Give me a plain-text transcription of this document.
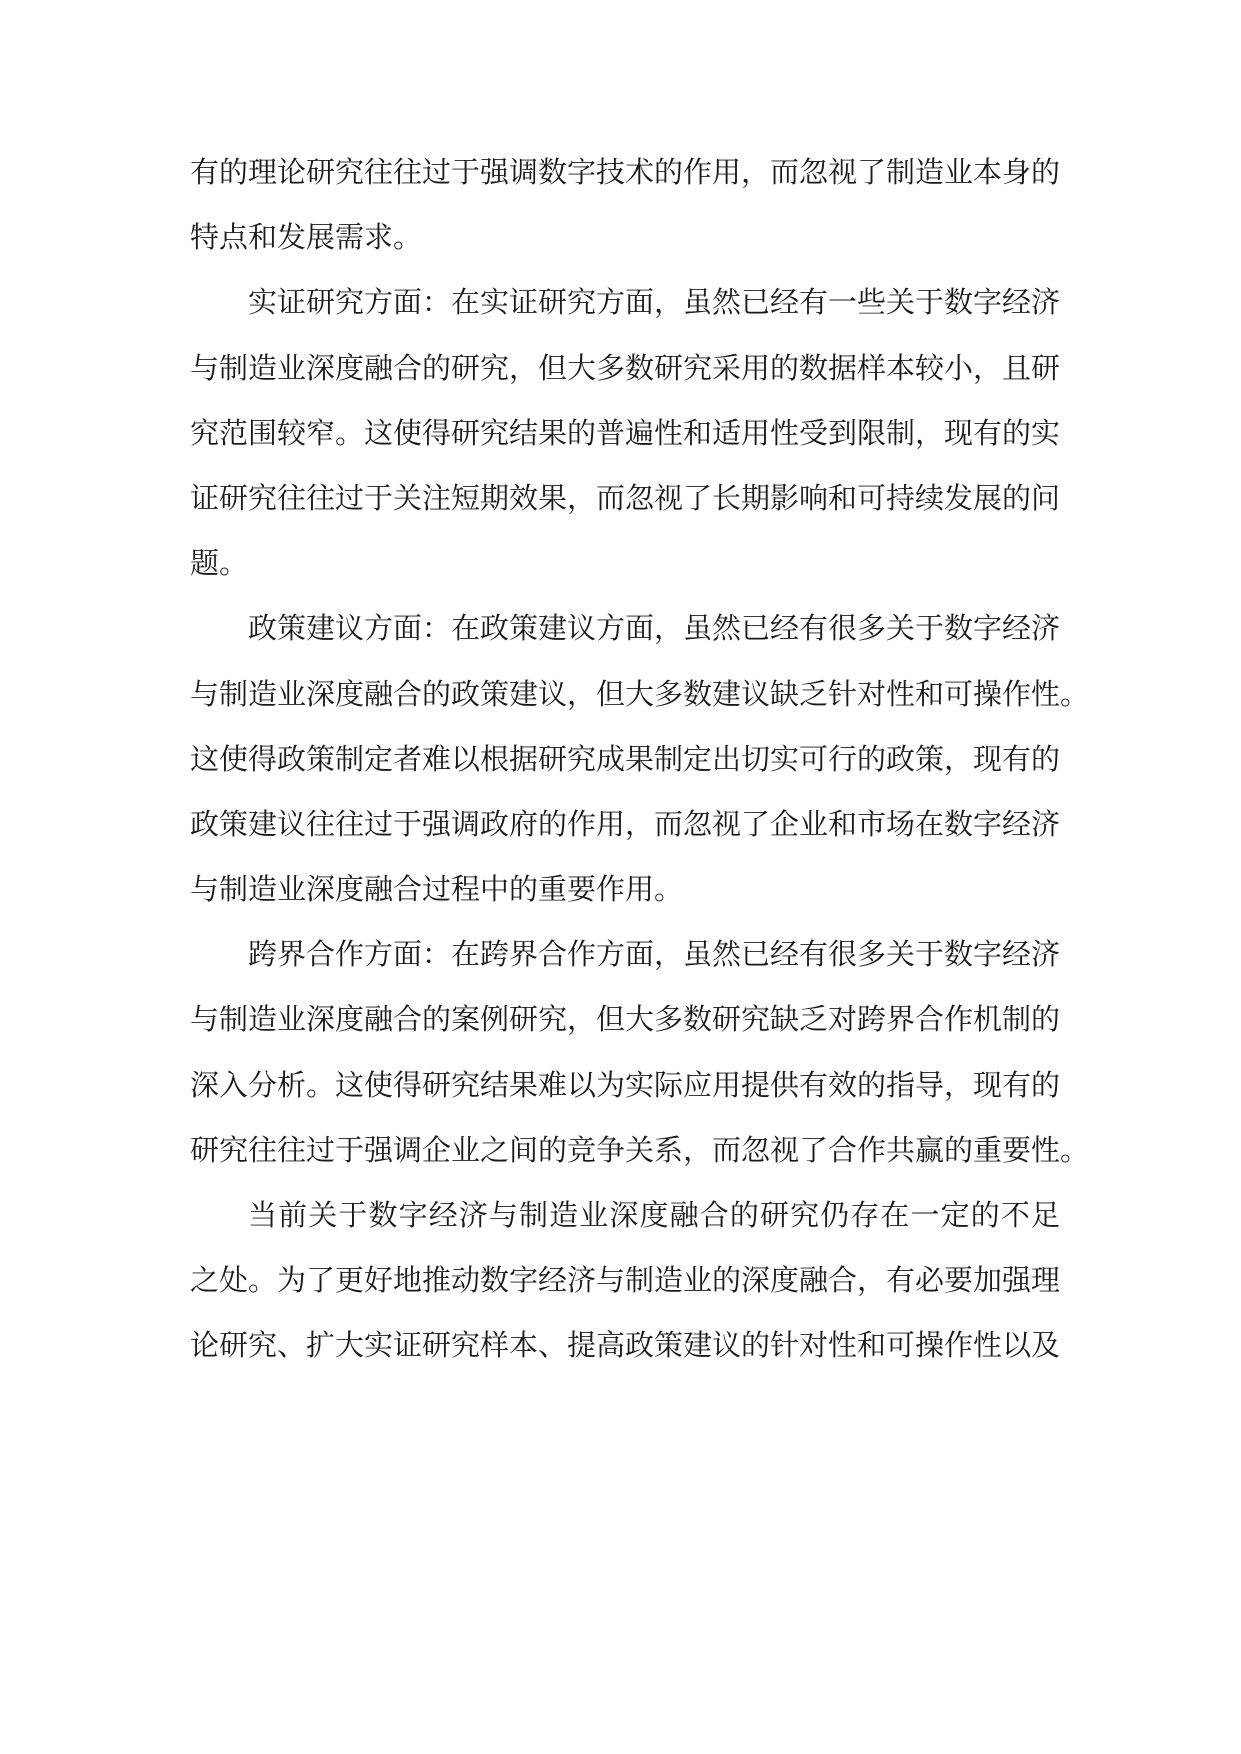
有的理论研究往往过于强调数字技术的作用，而忽视了制造业本身的
特点和发展需求。
实证研究方面：在实证研究方面，虽然已经有一些关于数字经济
与制造业深度融合的研究，但大多数研究采用的数据样本较小，且研
究范围较窄。这使得研究结果的普遍性和适用性受到限制，现有的实
证研究往往过于关注短期效果，而忽视了长期影响和可持续发展的问
题。
政策建议方面：在政策建议方面，虽然已经有很多关于数字经济
与制造业深度融合的政策建议，但大多数建议缺乏针对性和可操作性。
这使得政策制定者难以根据研究成果制定出切实可行的政策，现有的
政策建议往往过于强调政府的作用，而忽视了企业和市场在数字经济
与制造业深度融合过程中的重要作用。
跨界合作方面：在跨界合作方面，虽然已经有很多关于数字经济
与制造业深度融合的案例研究，但大多数研究缺乏对跨界合作机制的
深入分析。这使得研究结果难以为实际应用提供有效的指导，现有的
研究往往过于强调企业之间的竞争关系，而忽视了合作共赢的重要性。
当前关于数字经济与制造业深度融合的研究仍存在一定的不足
之处。为了更好地推动数字经济与制造业的深度融合，有必要加强理
论研究、扩大实证研究样本、提高政策建议的针对性和可操作性以及
